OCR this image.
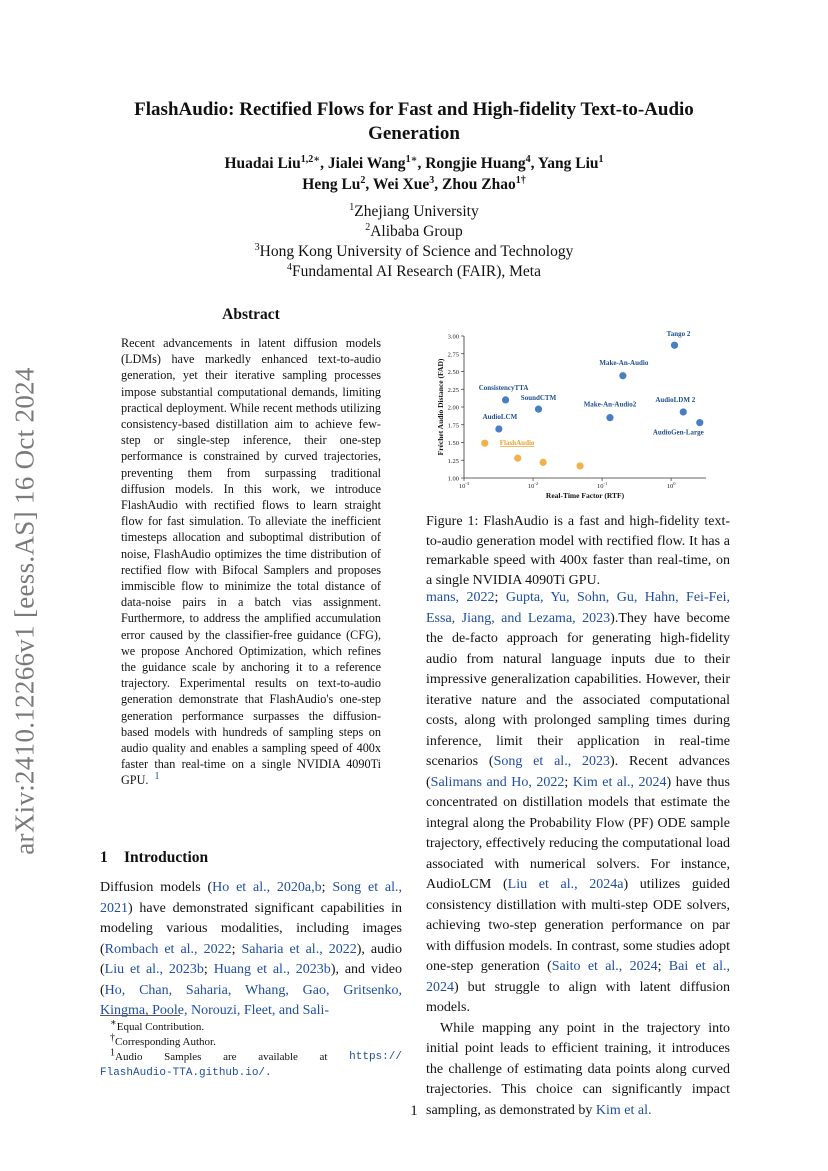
arXiv:2410.12266v1 [eess.AS] 16 Oct 2024
FlashAudio: Rectified Flows for Fast and High-fidelity Text-to-Audio
Generation
Huadai Liu$^{1,2∗}$, Jialei Wang$^{1∗}$, Rongjie Huang$^4$, Yang Liu$^1$
Heng Lu$^2$, Wei Xue$^3$, Zhou Zhao$^{1\dagger}$
$^1$Zhejiang University
$^2$Alibaba Group
$^3$Hong Kong University of Science and Technology
$^4$Fundamental AI Research (FAIR), Meta
Abstract

Recent advancements in latent diffusion models (LDMs) have markedly enhanced text-to-audio generation, yet their iterative sampling processes impose substantial computational demands, limiting practical deployment. While recent methods utilizing consistency-based distillation aim to achieve few-step or single-step inference, their one-step performance is constrained by curved trajectories, preventing them from surpassing traditional diffusion models. In this work, we introduce FlashAudio with rectified flows to learn straight flow for fast simulation. To alleviate the inefficient timesteps allocation and suboptimal distribution of noise, FlashAudio optimizes the time distribution of rectified flow with Bifocal Samplers and proposes immiscible flow to minimize the total distance of data-noise pairs in a batch vias assignment. Furthermore, to address the amplified accumulation error caused by the classifier-free guidance (CFG), we propose Anchored Optimization, which refines the guidance scale by anchoring it to a reference trajectory. Experimental results on text-to-audio generation demonstrate that FlashAudio's one-step generation performance surpasses the diffusion-based models with hundreds of sampling steps on audio quality and enables a sampling speed of 400x faster than real-time on a single NVIDIA 4090Ti GPU. $^1$

1 Introduction

Diffusion models (Ho et al., 2020a,b; Song et al., 2021) have demonstrated significant capabilities in modeling various modalities, including images (Rombach et al., 2022; Saharia et al., 2022), audio (Liu et al., 2023b; Huang et al., 2023b), and video (Ho, Chan, Saharia, Whang, Gao, Gritsenko, Kingma, Poole, Norouzi, Fleet, and Sali-

∗Equal Contribution.
†Corresponding Author.
$^1$Audio Samples are available at https://
FlashAudio-TTA.github.io/.
1.00
1.25
1.50
1.75
2.00
2.25
2.50
2.75
3.00
$10^{-3}$	$10^{-2}$	$10^{-1}$	$10^0$
Real-Time Factor (RTF)
Fréchet Audio Distance (FAD)
Tango 2
Make-An-Audio
ConsistencyTTA
SoundCTM	AudioLDM 2
Make-An-Audio2
AudioGen-Large
AudioLCM
FlashAudio
Figure 1: FlashAudio is a fast and high-fidelity text-to-audio generation model with rectified flow. It has a remarkable speed with 400x faster than real-time, on a single NVIDIA 4090Ti GPU.

mans, 2022; Gupta, Yu, Sohn, Gu, Hahn, Fei-Fei, Essa, Jiang, and Lezama, 2023).They have become the de-facto approach for generating high-fidelity audio from natural language inputs due to their impressive generalization capabilities. However, their iterative nature and the associated computational costs, along with prolonged sampling times during inference, limit their application in real-time scenarios (Song et al., 2023). Recent advances (Salimans and Ho, 2022; Kim et al., 2024) have thus concentrated on distillation models that estimate the integral along the Probability Flow (PF) ODE sample trajectory, effectively reducing the computational load associated with numerical solvers. For instance, AudioLCM (Liu et al., 2024a) utilizes guided consistency distillation with multi-step ODE solvers, achieving two-step generation performance on par with diffusion models. In contrast, some studies adopt one-step generation (Saito et al., 2024; Bai et al., 2024) but struggle to align with latent diffusion models.

While mapping any point in the trajectory into initial point leads to efficient training, it introduces the challenge of estimating data points along curved trajectories. This choice can significantly impact sampling, as demonstrated by Kim et al.

1
